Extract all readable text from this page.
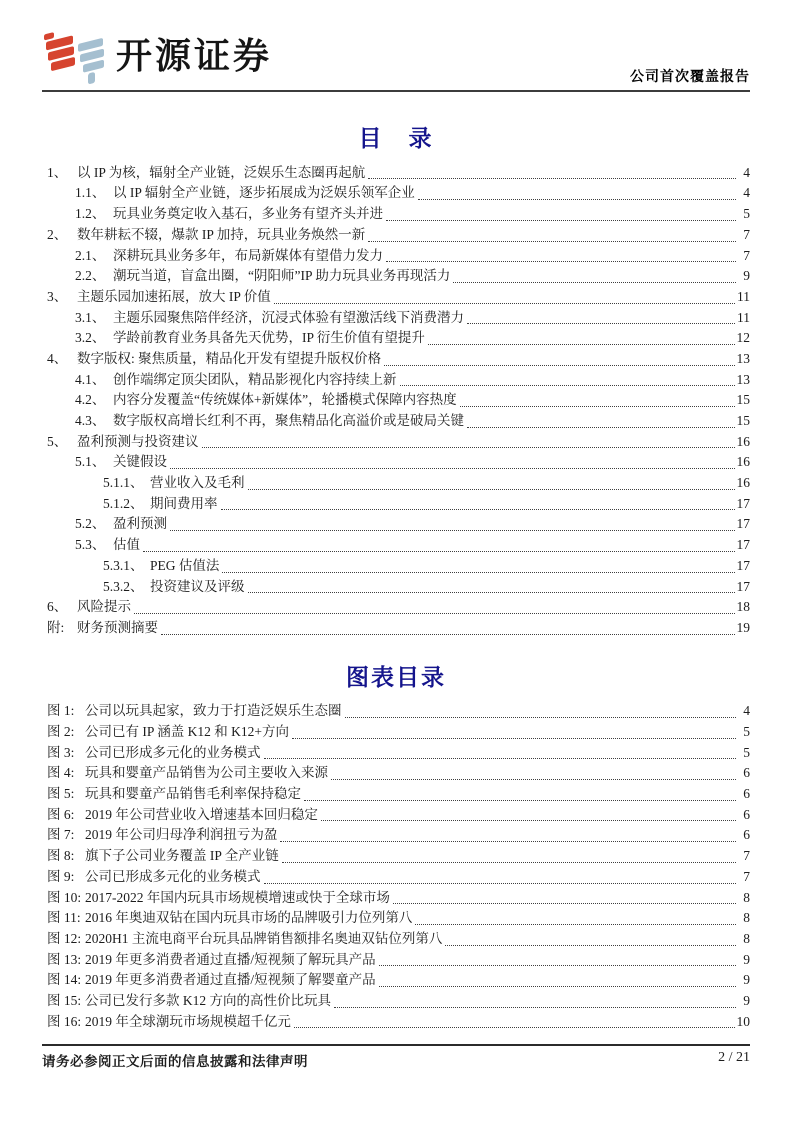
开源证券
公司首次覆盖报告
目　录
1、 以 IP 为核，辐射全产业链，泛娱乐生态圈再起航	4
1.1、 以 IP 辐射全产业链，逐步拓展成为泛娱乐领军企业	4
1.2、 玩具业务奠定收入基石，多业务有望齐头并进	5
2、 数年耕耘不辍，爆款 IP 加持，玩具业务焕然一新	7
2.1、 深耕玩具业务多年，布局新媒体有望借力发力	7
2.2、 潮玩当道，盲盒出圈，“阴阳师”IP 助力玩具业务再现活力	9
3、 主题乐园加速拓展，放大 IP 价值	11
3.1、 主题乐园聚焦陪伴经济，沉浸式体验有望激活线下消费潜力	11
3.2、 学龄前教育业务具备先天优势，IP 衍生价值有望提升	12
4、 数字版权: 聚焦质量，精品化开发有望提升版权价格	13
4.1、 创作端绑定顶尖团队，精品影视化内容持续上新	13
4.2、 内容分发覆盖“传统媒体+新媒体”，轮播模式保障内容热度	15
4.3、 数字版权高增长红利不再，聚焦精品化高溢价或是破局关键	15
5、 盈利预测与投资建议	16
5.1、 关键假设	16
5.1.1、 营业收入及毛利	16
5.1.2、 期间费用率	17
5.2、 盈利预测	17
5.3、 估值	17
5.3.1、 PEG 估值法	17
5.3.2、 投资建议及评级	17
6、 风险提示	18
附: 财务预测摘要	19
图表目录
图 1: 公司以玩具起家，致力于打造泛娱乐生态圈	4
图 2: 公司已有 IP 涵盖 K12 和 K12+方向	5
图 3: 公司已形成多元化的业务模式	5
图 4: 玩具和婴童产品销售为公司主要收入来源	6
图 5: 玩具和婴童产品销售毛利率保持稳定	6
图 6: 2019 年公司营业收入增速基本回归稳定	6
图 7: 2019 年公司归母净利润扭亏为盈	6
图 8: 旗下子公司业务覆盖 IP 全产业链	7
图 9: 公司已形成多元化的业务模式	7
图 10: 2017-2022 年国内玩具市场规模增速或快于全球市场	8
图 11: 2016 年奥迪双钻在国内玩具市场的品牌吸引力位列第八	8
图 12: 2020H1 主流电商平台玩具品牌销售额排名奥迪双钻位列第八	8
图 13: 2019 年更多消费者通过直播/短视频了解玩具产品	9
图 14: 2019 年更多消费者通过直播/短视频了解婴童产品	9
图 15: 公司已发行多款 K12 方向的高性价比玩具	9
图 16: 2019 年全球潮玩市场规模超千亿元	10
请务必参阅正文后面的信息披露和法律声明	2 / 21
